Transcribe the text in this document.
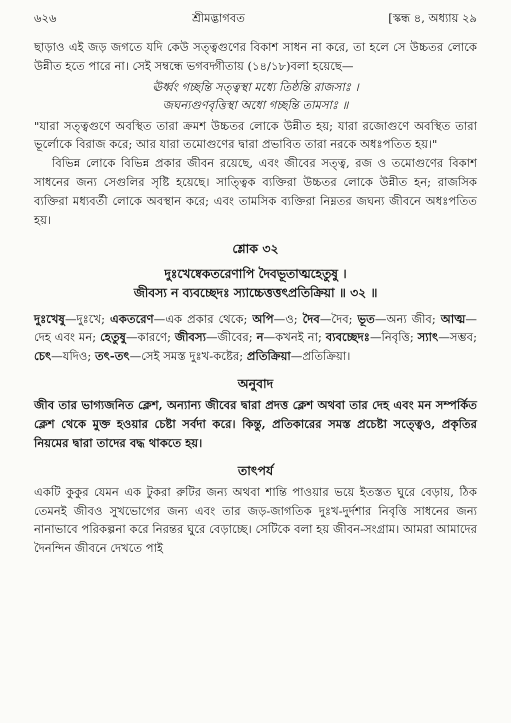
৬২৬	শ্রীমদ্ভাগবত	[স্কন্ধ ৪, অধ্যায় ২৯

ছাড়াও এই জড় জগতে যদি কেউ সত্ত্বগুণের বিকাশ সাধন না করে, তা হলে সে উচ্চতর লোকে উন্নীত হতে পারে না। সেই সম্বন্ধে ভগবদ্গীতায় (১৪/১৮)বলা হয়েছে—

ঊর্ধ্বং গচ্ছন্তি সত্ত্বস্থা মধ্যে তিষ্ঠন্তি রাজসাঃ ।
জঘন্যগুণবৃত্তিস্থা অধো গচ্ছন্তি তামসাঃ ॥

"যারা সত্ত্বগুণে অবস্থিত তারা ক্রমশ উচ্চতর লোকে উন্নীত হয়; যারা রজোগুণে অবস্থিত তারা ভূর্লোকে বিরাজ করে; আর যারা তমোগুণের দ্বারা প্রভাবিত তারা নরকে অধঃপতিত হয়।"

বিভিন্ন লোকে বিভিন্ন প্রকার জীবন রয়েছে, এবং জীবের সত্ত্ব, রজ ও তমোগুণের বিকাশ সাধনের জন্য সেগুলির সৃষ্টি হয়েছে। সাত্ত্বিক ব্যক্তিরা উচ্চতর লোকে উন্নীত হন; রাজসিক ব্যক্তিরা মধ্যবর্তী লোকে অবস্থান করে; এবং তামসিক ব্যক্তিরা নিম্নতর জঘন্য জীবনে অধঃপতিত হয়।

শ্লোক ৩২
দুঃখেষ্বেকতরেণাপি দৈবভূতাত্মহেতুষু ।
জীবস্য ন ব্যবচ্ছেদঃ স্যাচ্চেত্তত্তৎপ্রতিক্রিয়া ॥ ৩২ ॥

দুঃখেষু—দুঃখে; একতরেণ—এক প্রকার থেকে; অপি—ও; দৈব—দৈব; ভূত—অন্য জীব; আত্ম—দেহ এবং মন; হেতুষু—কারণে; জীবস্য—জীবের; ন—কখনই না; ব্যবচ্ছেদঃ—নিবৃত্তি; স্যাৎ—সম্ভব; চেৎ—যদিও; তৎ-তৎ—সেই সমস্ত দুঃখ-কষ্টের; প্রতিক্রিয়া—প্রতিক্রিয়া।

অনুবাদ

জীব তার ভাগ্যজনিত ক্লেশ, অন্যান্য জীবের দ্বারা প্রদত্ত ক্লেশ অথবা তার দেহ এবং মন সম্পর্কিত ক্লেশ থেকে মুক্ত হওয়ার চেষ্টা সর্বদা করে। কিন্তু, প্রতিকারের সমস্ত প্রচেষ্টা সত্ত্বেও, প্রকৃতির নিয়মের দ্বারা তাদের বদ্ধ থাকতে হয়।

তাৎপর্য

একটি কুকুর যেমন এক টুকরা রুটির জন্য অথবা শান্তি পাওয়ার ভয়ে ইতস্তত ঘুরে বেড়ায়, ঠিক তেমনই জীবও সুখভোগের জন্য এবং তার জড়-জাগতিক দুঃখ-দুর্দশার নিবৃত্তি সাধনের জন্য নানাভাবে পরিকল্পনা করে নিরন্তর ঘুরে বেড়াচ্ছে। সেটিকে বলা হয় জীবন-সংগ্রাম। আমরা আমাদের দৈনন্দিন জীবনে দেখতে পাই
